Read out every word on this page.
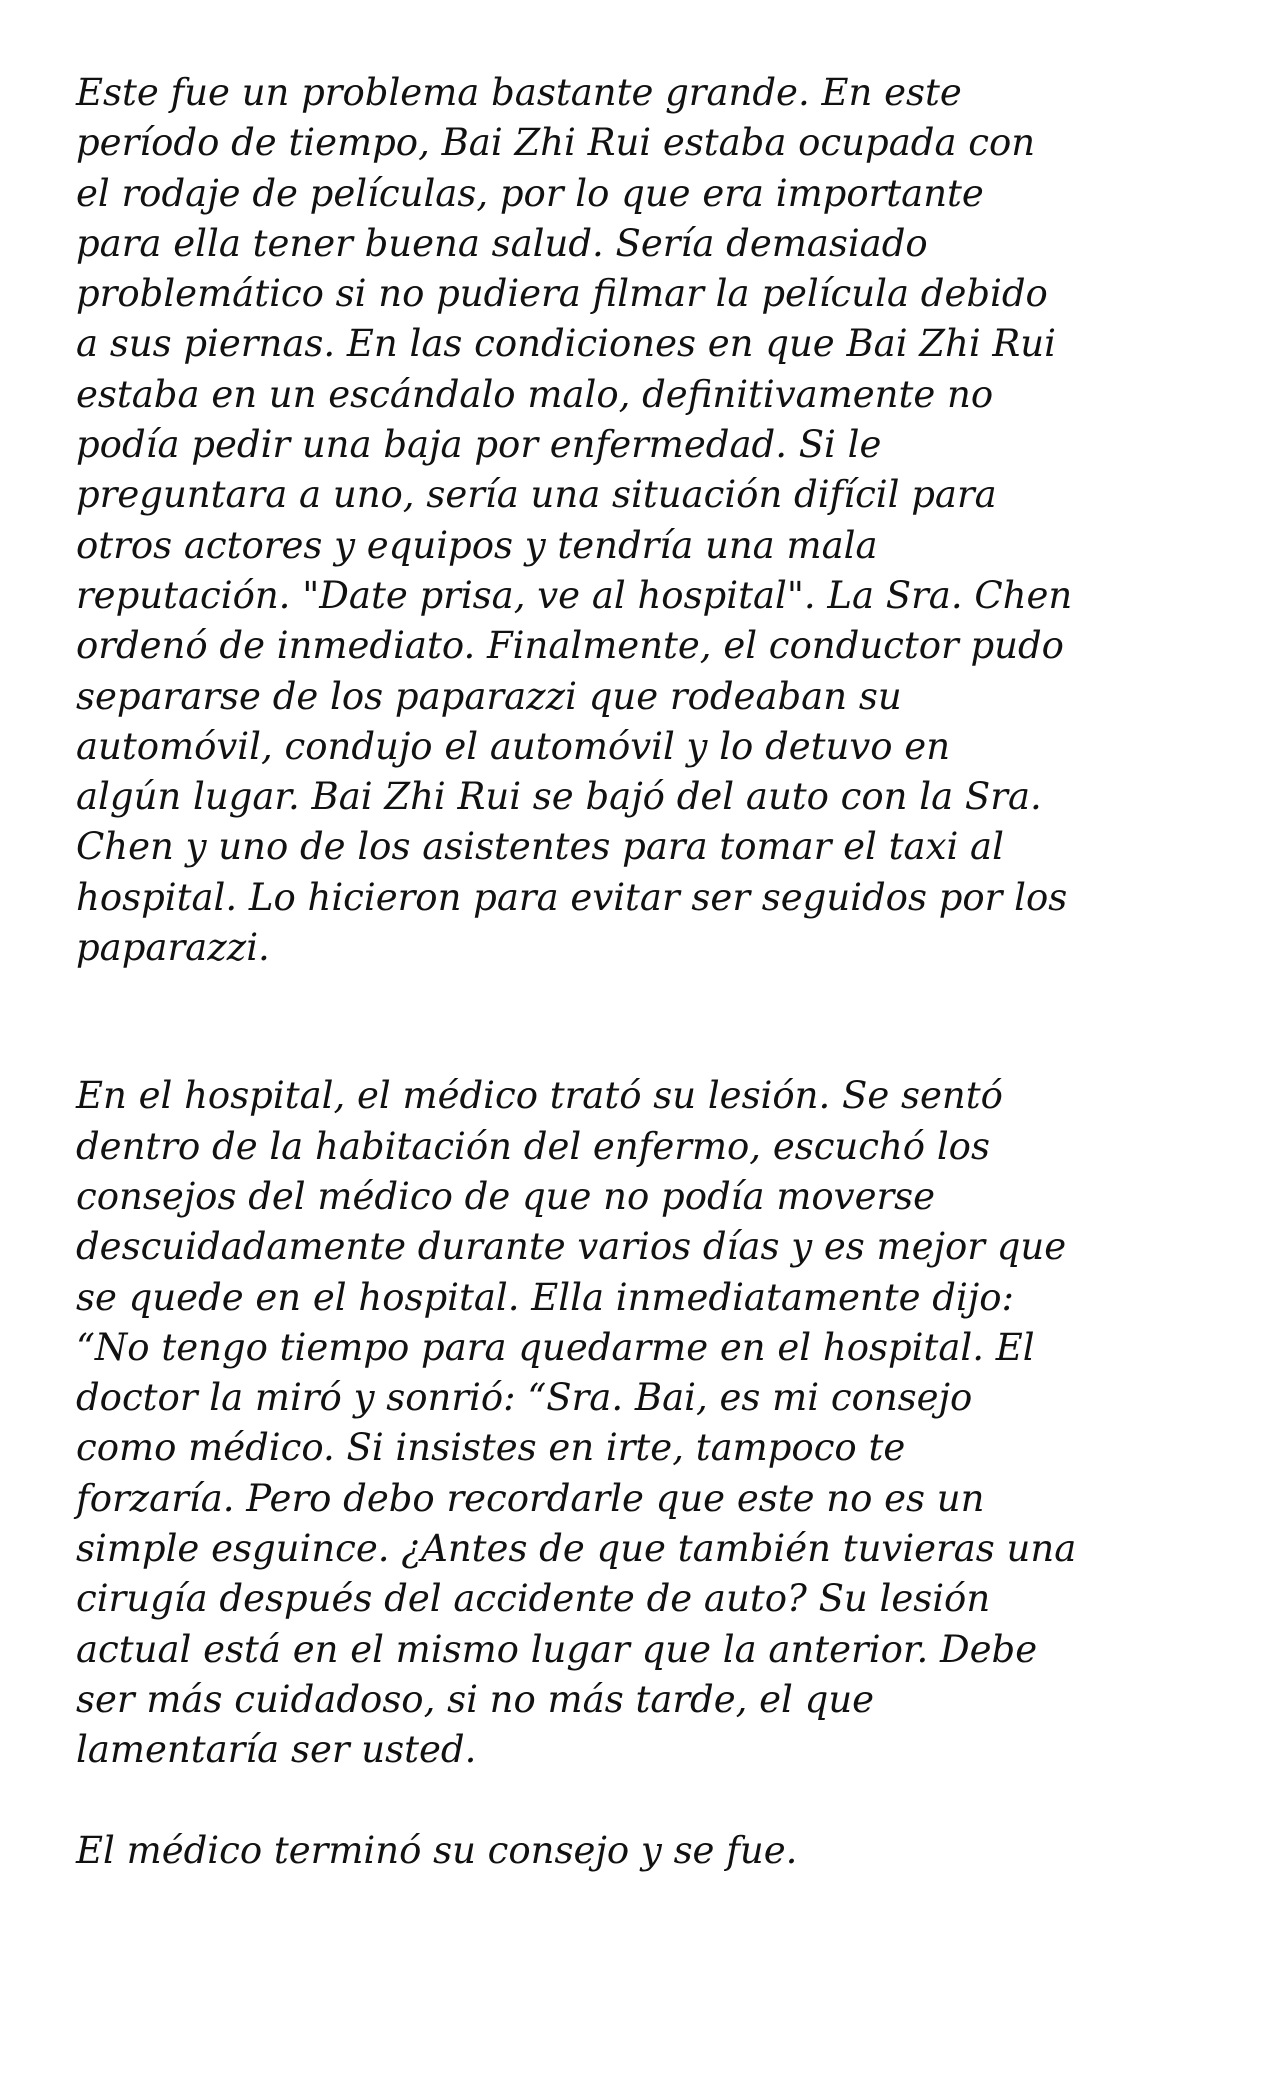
Este fue un problema bastante grande. En este
período de tiempo, Bai Zhi Rui estaba ocupada con
el rodaje de películas, por lo que era importante
para ella tener buena salud. Sería demasiado
problemático si no pudiera filmar la película debido
a sus piernas. En las condiciones en que Bai Zhi Rui
estaba en un escándalo malo, definitivamente no
podía pedir una baja por enfermedad. Si le
preguntara a uno, sería una situación difícil para
otros actores y equipos y tendría una mala
reputación. "Date prisa, ve al hospital". La Sra. Chen
ordenó de inmediato. Finalmente, el conductor pudo
separarse de los paparazzi que rodeaban su
automóvil, condujo el automóvil y lo detuvo en
algún lugar. Bai Zhi Rui se bajó del auto con la Sra.
Chen y uno de los asistentes para tomar el taxi al
hospital. Lo hicieron para evitar ser seguidos por los
paparazzi.
En el hospital, el médico trató su lesión. Se sentó
dentro de la habitación del enfermo, escuchó los
consejos del médico de que no podía moverse
descuidadamente durante varios días y es mejor que
se quede en el hospital. Ella inmediatamente dijo:
“No tengo tiempo para quedarme en el hospital. El
doctor la miró y sonrió: “Sra. Bai, es mi consejo
como médico. Si insistes en irte, tampoco te
forzaría. Pero debo recordarle que este no es un
simple esguince. ¿Antes de que también tuvieras una
cirugía después del accidente de auto? Su lesión
actual está en el mismo lugar que la anterior. Debe
ser más cuidadoso, si no más tarde, el que
lamentaría ser usted.
El médico terminó su consejo y se fue.
